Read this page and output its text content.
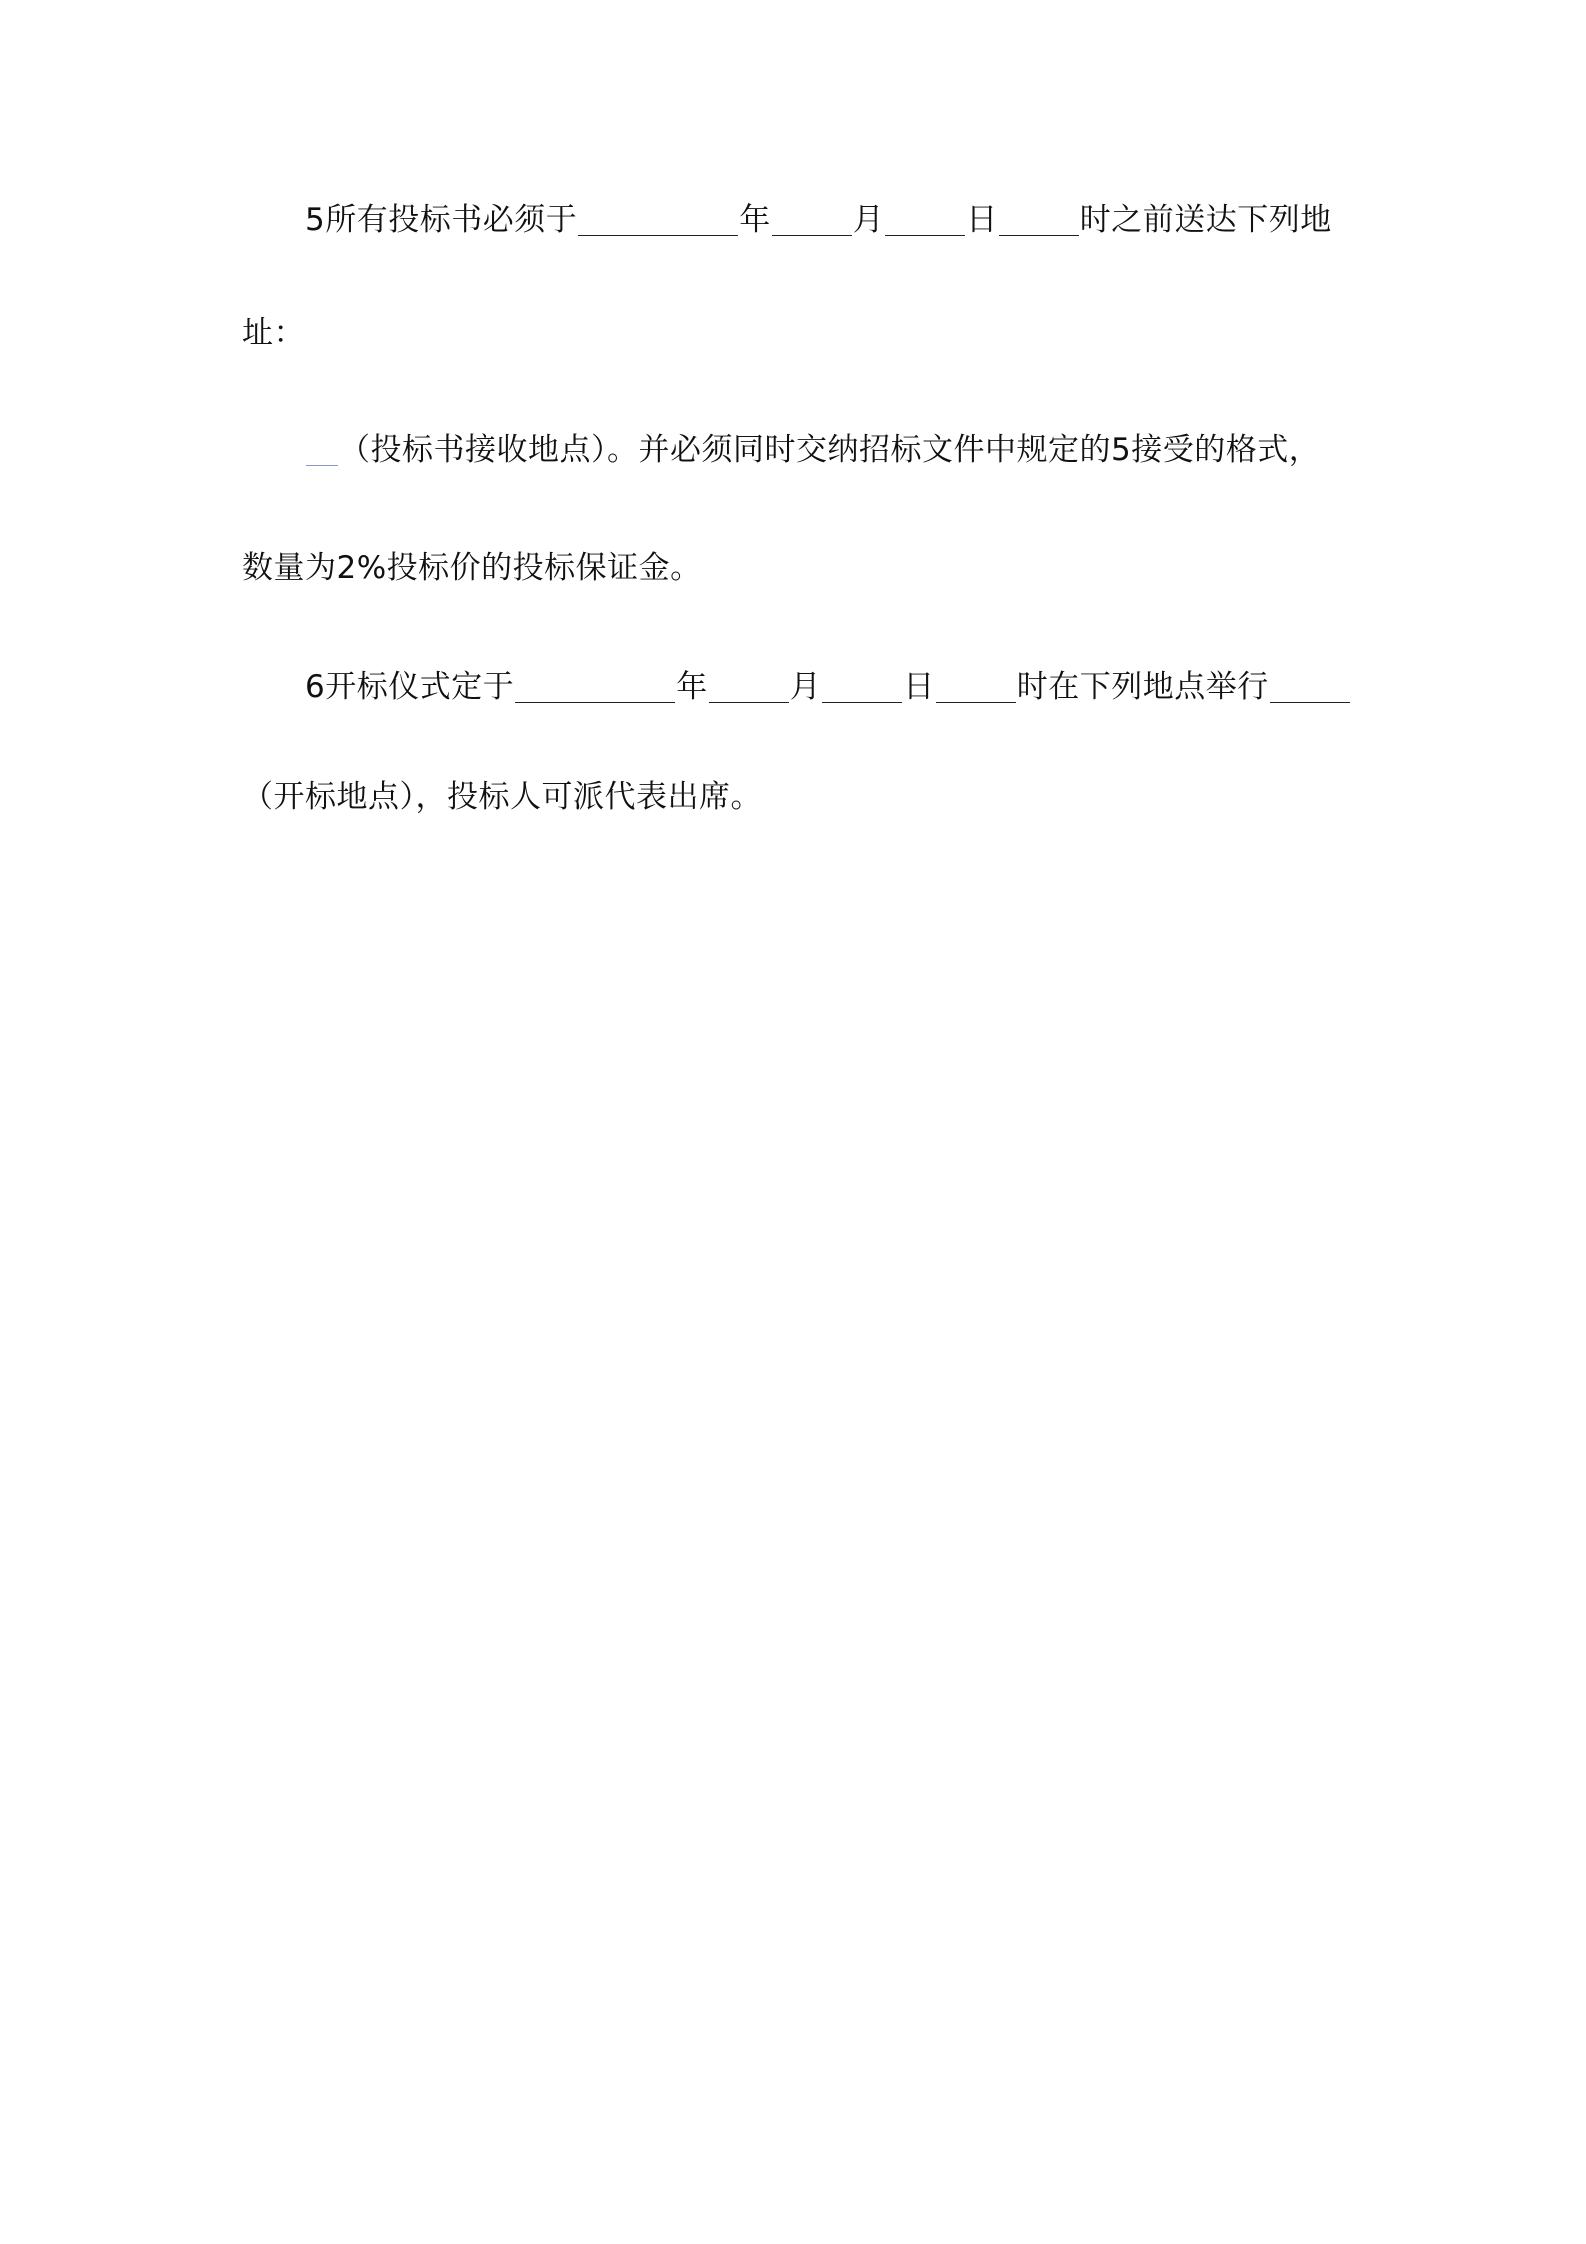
5所有投标书必须于	年	月	日	时之前送达下列地
址：
（投标书接收地点）。并必须同时交纳招标文件中规定的5接受的格式，
数量为2%投标价的投标保证金。
6开标仪式定于	年	月	日	时在下列地点举行
（开标地点），投标人可派代表出席。
